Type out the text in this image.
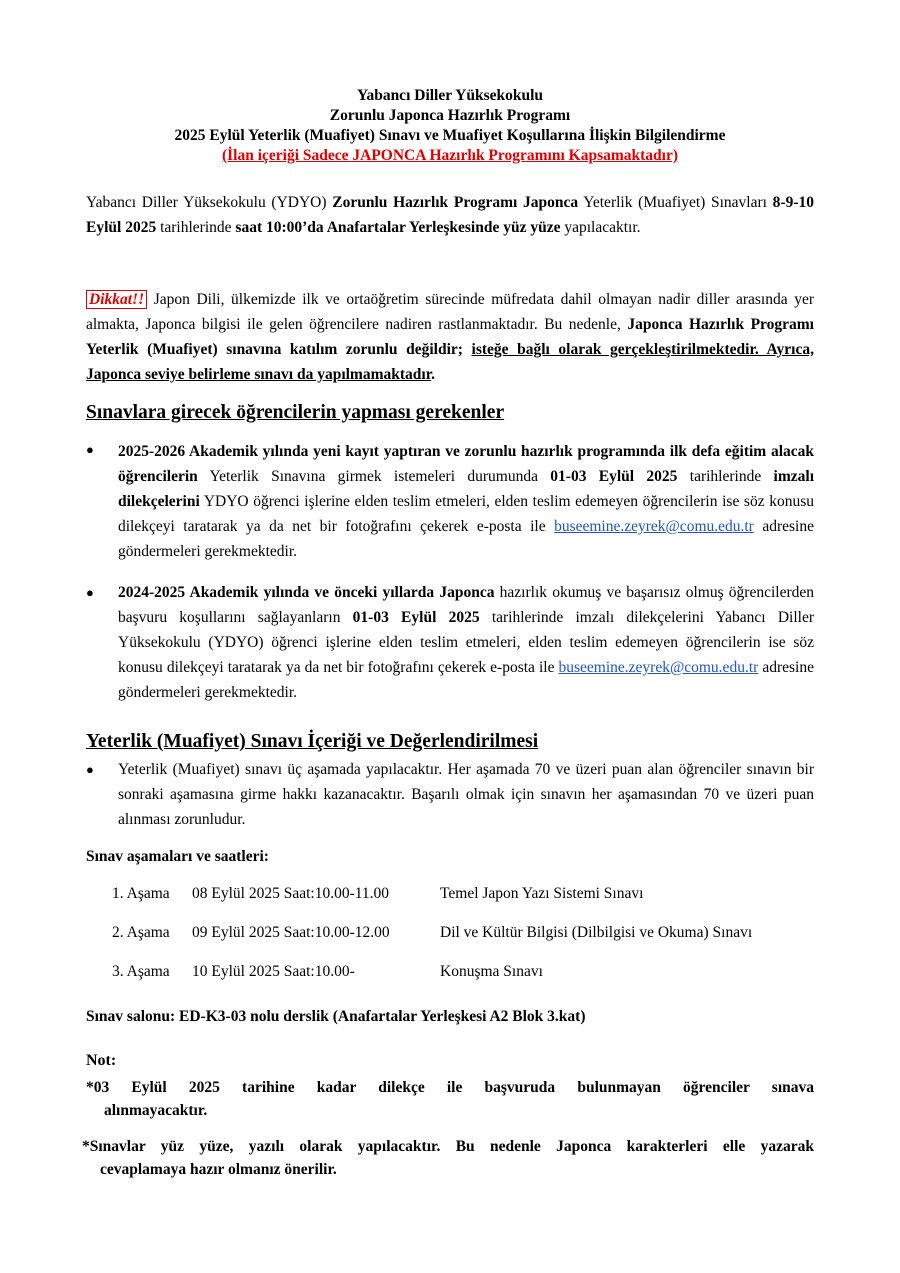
Yabancı Diller Yüksekokulu
Zorunlu Japonca Hazırlık Programı
2025 Eylül Yeterlik (Muafiyet) Sınavı ve Muafiyet Koşullarına İlişkin Bilgilendirme
(İlan içeriği Sadece JAPONCA Hazırlık Programını Kapsamaktadır)
Yabancı Diller Yüksekokulu (YDYO) Zorunlu Hazırlık Programı Japonca Yeterlik (Muafiyet) Sınavları 8-9-10 Eylül 2025 tarihlerinde saat 10:00’da Anafartalar Yerleşkesinde yüz yüze yapılacaktır.
Dikkat!! Japon Dili, ülkemizde ilk ve ortaöğretim sürecinde müfredata dahil olmayan nadir diller arasında yer almakta, Japonca bilgisi ile gelen öğrencilere nadiren rastlanmaktadır. Bu nedenle, Japonca Hazırlık Programı Yeterlik (Muafiyet) sınavına katılım zorunlu değildir; isteğe bağlı olarak gerçekleştirilmektedir. Ayrıca, Japonca seviye belirleme sınavı da yapılmamaktadır.
Sınavlara girecek öğrencilerin yapması gerekenler
●	2025-2026 Akademik yılında yeni kayıt yaptıran ve zorunlu hazırlık programında ilk defa eğitim alacak öğrencilerin Yeterlik Sınavına girmek istemeleri durumunda 01-03 Eylül 2025 tarihlerinde imzalı dilekçelerini YDYO öğrenci işlerine elden teslim etmeleri, elden teslim edemeyen öğrencilerin ise söz konusu dilekçeyi taratarak ya da net bir fotoğrafını çekerek e-posta ile buseemine.zeyrek@comu.edu.tr adresine göndermeleri gerekmektedir.
●	2024-2025 Akademik yılında ve önceki yıllarda Japonca hazırlık okumuş ve başarısız olmuş öğrencilerden başvuru koşullarını sağlayanların 01-03 Eylül 2025 tarihlerinde imzalı dilekçelerini Yabancı Diller Yüksekokulu (YDYO) öğrenci işlerine elden teslim etmeleri, elden teslim edemeyen öğrencilerin ise söz konusu dilekçeyi taratarak ya da net bir fotoğrafını çekerek e-posta ile buseemine.zeyrek@comu.edu.tr adresine göndermeleri gerekmektedir.
Yeterlik (Muafiyet) Sınavı İçeriği ve Değerlendirilmesi
●	Yeterlik (Muafiyet) sınavı üç aşamada yapılacaktır. Her aşamada 70 ve üzeri puan alan öğrenciler sınavın bir sonraki aşamasına girme hakkı kazanacaktır. Başarılı olmak için sınavın her aşamasından 70 ve üzeri puan alınması zorunludur.
Sınav aşamaları ve saatleri:
1. Aşama 08 Eylül 2025 Saat:10.00-11.00	Temel Japon Yazı Sistemi Sınavı
2. Aşama 09 Eylül 2025 Saat:10.00-12.00	Dil ve Kültür Bilgisi (Dilbilgisi ve Okuma) Sınavı
3. Aşama 10 Eylül 2025 Saat:10.00-	Konuşma Sınavı
Sınav salonu: ED-K3-03 nolu derslik (Anafartalar Yerleşkesi A2 Blok 3.kat)
Not:
*03 Eylül 2025 tarihine kadar dilekçe ile başvuruda bulunmayan öğrenciler sınava
alınmayacaktır.
*Sınavlar yüz yüze, yazılı olarak yapılacaktır. Bu nedenle Japonca karakterleri elle yazarak
cevaplamaya hazır olmanız önerilir.
